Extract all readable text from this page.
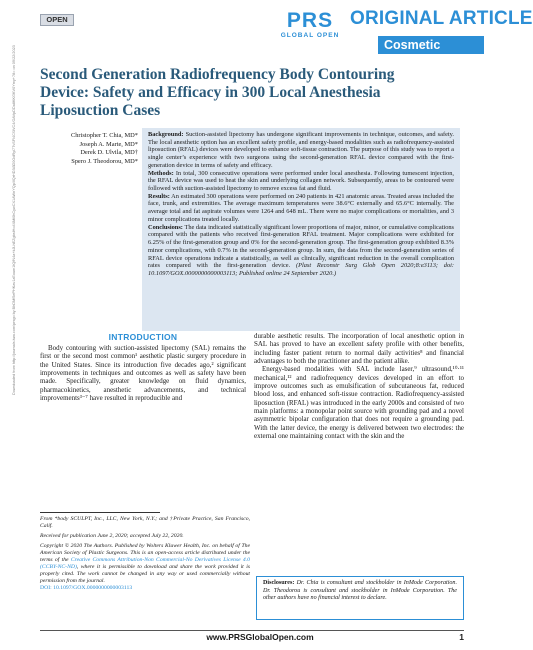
OPEN	PRS
GLOBAL OPEN
ORIGINAL ARTICLE
Cosmetic
Second Generation Radiofrequency Body Contouring Device: Safety and Efficacy in 300 Local Anesthesia Liposuction Cases
Christopher T. Chia, MD*
Joseph A. Marte, MD*
Derek D. Ulvila, MD†
Spero J. Theodorou, MD*
Downloaded from http://journals.lww.com/prsgo by BhDMf5ePHKav1zEoum1tQfN4a+kJLhEZgbsIHo4XMi0hCywCX1AWnYQp/IlQrHD3i3D0OdRyi7TvSFl4Cf3VC4/OAVpDDa8KKGKV0Ymy+78= on 09/22/2023	Background: Suction-assisted lipectomy has undergone significant improvements in technique, outcomes, and safety. The local anesthetic option has an excellent safety profile, and energy-based modalities such as radiofrequency-assisted liposuction (RFAL) devices were developed to enhance soft-tissue contraction. The purpose of this study was to report a single center’s experience with two surgeons using the second-generation RFAL device compared with the first-generation device in terms of safety and efficacy.

Methods: In total, 300 consecutive operations were performed under local anesthesia. Following tumescent injection, the RFAL device was used to heat the skin and underlying collagen network. Subsequently, areas to be contoured were followed with suction-assisted lipectomy to remove excess fat and fluid.

Results: An estimated 300 operations were performed on 240 patients in 421 anatomic areas. Treated areas included the face, trunk, and extremities. The average maximum temperatures were 38.6°C externally and 65.6°C internally. The average total and fat aspirate volumes were 1264 and 648 mL. There were no major complications or mortalities, and 3 minor complications treated locally.

Conclusions: The data indicated statistically significant lower proportions of major, minor, or cumulative complications compared with the patients who received first-generation RFAL treatment. Major complications were exhibited for 6.25% of the first-generation group and 0% for the second-generation group. The first-generation group exhibited 8.3% minor complications, with 0.7% in the second-generation group. In sum, the data from the second-generation series of RFAL device operations indicate a statistically, as well as clinically, significant reduction in the overall complication rates compared with the first-generation device. (Plast Reconstr Surg Glob Open 2020;8:e3113; doi: 10.1097/GOX.0000000000003113; Published online 24 September 2020.)

INTRODUCTION

Body contouring with suction-assisted lipectomy (SAL) remains the first or the second most common¹ aesthetic plastic surgery procedure in the United States. Since its introduction five decades ago,² significant improvements in techniques and outcomes as well as safety have been made. Specifically, greater knowledge on fluid dynamics, pharmacokinetics, anesthetic advancements, and technical improvements³⁻⁷ have resulted in reproducible and

durable aesthetic results. The incorporation of local anesthetic option in SAL has proved to have an excellent safety profile with other benefits, including faster patient return to normal daily activities⁸ and financial advantages to both the practitioner and the patient alike.

Energy-based modalities with SAL include laser,⁹ ultrasound,¹⁰·¹¹ mechanical,¹² and radiofrequency devices developed in an effort to improve outcomes such as emulsification of subcutaneous fat, reduced blood loss, and enhanced soft-tissue contraction. Radiofrequency-assisted liposuction (RFAL) was introduced in the early 2000s and consisted of two main platforms: a monopolar point source with grounding pad and a novel asymmetric bipolar configuration that does not require a grounding pad. With the latter device, the energy is delivered between two electrodes: the external one maintaining contact with the skin and the

From *body SCULPT, Inc., LLC, New York, N.Y.; and †Private Practice, San Francisco, Calif.

Received for publication June 2, 2020; accepted July 22, 2020.

Copyright © 2020 The Authors. Published by Wolters Kluwer Health, Inc. on behalf of The American Society of Plastic Surgeons. This is an open-access article distributed under the terms of the Creative Commons Attribution-Non Commercial-No Derivatives License 4.0 (CCBY-NC-ND), where it is permissible to download and share the work provided it is properly cited. The work cannot be changed in any way or used commercially without permission from the journal.
DOI: 10.1097/GOX.0000000000003113

Disclosures: Dr. Chia is consultant and stockholder in InMode Corporation. Dr. Theodorou is consultant and stockholder in InMode Corporation. The other authors have no financial interest to declare.
www.PRSGlobalOpen.com	1
